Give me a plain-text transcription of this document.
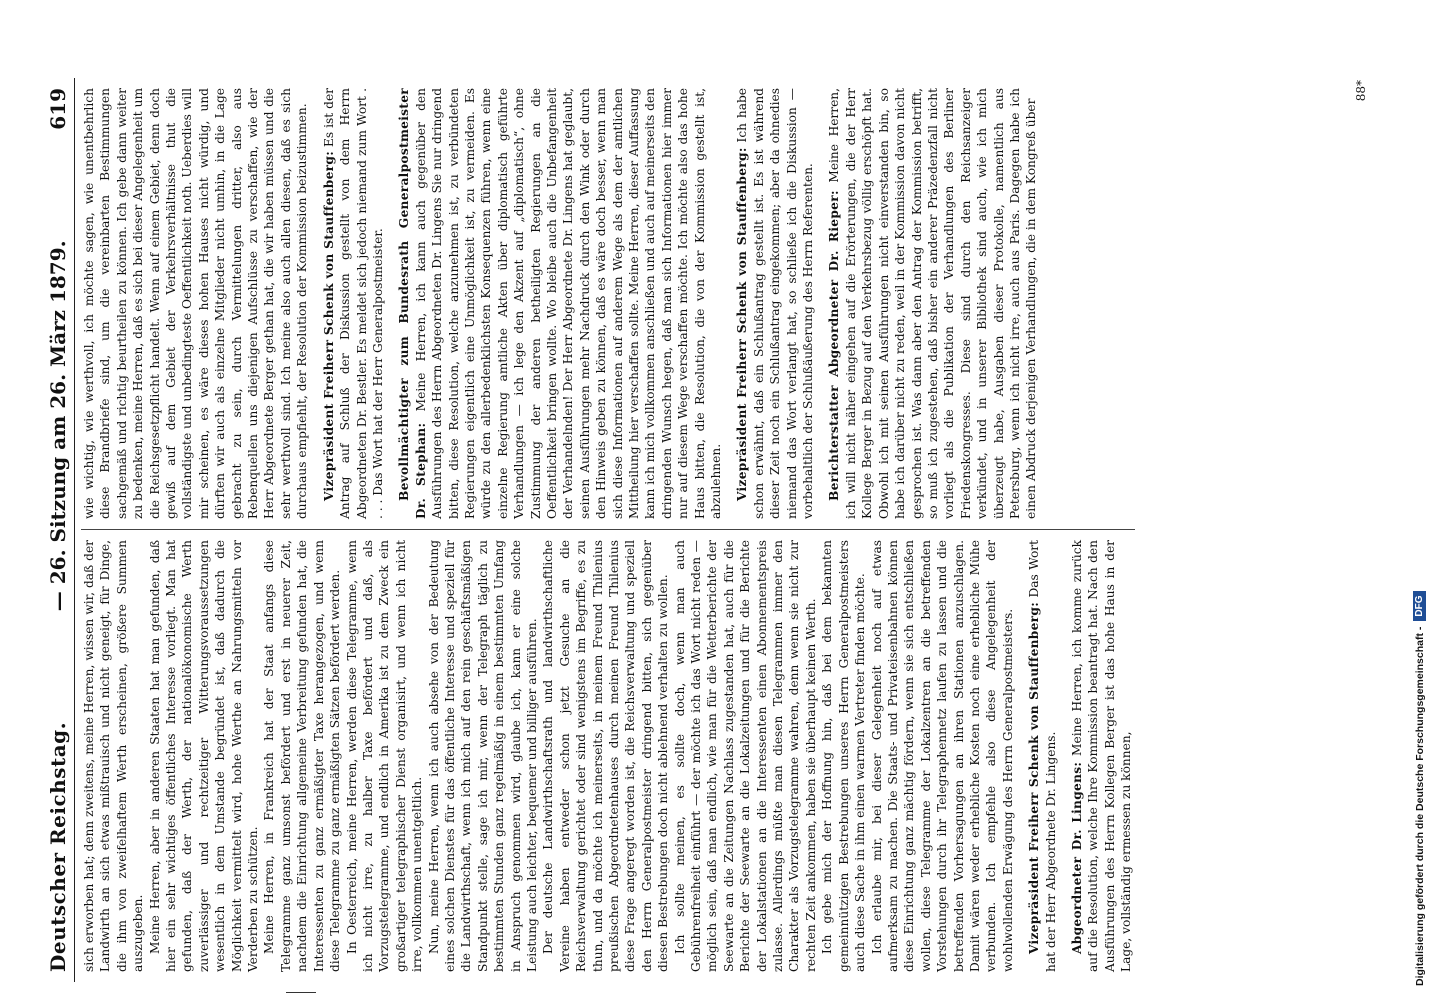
Deutscher Reichstag.
— 26. Sitzung am 26. März 1879.
619

sich erworben hat; denn zweitens, meine Herren, wissen wir, daß der Landwirth an sich etwas mißtrauisch und nicht geneigt, für Dinge, die ihm von zweifelhaftem Werth erscheinen, größere Summen auszugeben. Meine Herren, aber in anderen Staaten hat man gefunden, daß hier ein sehr wichtiges öffentliches Interesse vorliegt. Man hat gefunden, daß der Werth, der nationalökonomische Werth zuverlässiger und rechtzeitiger Witterungsvoraussetzungen wesentlich in dem Umstande begründet ist, daß dadurch die Möglichkeit vermittelt wird, hohe Werthe an Nahrungsmitteln vor Verderben zu schützen. Meine Herren, in Frankreich hat der Staat anfangs diese Telegramme ganz umsonst befördert und erst in neuerer Zeit, nachdem die Einrichtung allgemeine Verbreitung gefunden hat, die Interessenten zu ganz ermäßigter Taxe herangezogen, und wenn diese Telegramme zu ganz ermäßigten Sätzen befördert werden. In Oesterreich, meine Herren, werden diese Telegramme, wenn ich nicht irre, zu halber Taxe befördert und daß, als Vorzugstelegramme, und endlich in Amerika ist zu dem Zweck ein großartiger telegraphischer Dienst organisirt, und wenn ich nicht irre, vollkommen unentgeltlich. Nun, meine Herren, wenn ich auch absehe von der Bedeutung eines solchen Dienstes für das öffentliche Interesse und speziell für die Landwirthschaft, wenn ich mich auf den rein geschäftsmäßigen Standpunkt stelle, sage ich mir, wenn der Telegraph täglich zu bestimmten Stunden ganz regelmäßig in einem bestimmten Umfang in Anspruch genommen wird, glaube ich, kann er eine solche Leistung auch leichter, bequemer und billiger ausführen. Der deutsche Landwirthschaftsrath und landwirthschaftliche Vereine haben entweder schon jetzt Gesuche an die Reichsverwaltung gerichtet oder sind wenigstens im Begriffe, es zu thun, und da möchte ich meinerseits, in meinem Freund Thilenius preußischen Abgeordnetenhauses durch meinen Freund Thilenius diese Frage angeregt worden ist, die Reichsverwaltung und speziell den Herrn Generalpostmeister dringend bitten, sich gegenüber diesen Bestrebungen doch nicht ablehnend verhalten zu wollen. Ich sollte meinen, es sollte doch, wenn man auch Gebührenfreiheit einführt — der möchte ich das Wort nicht reden — möglich sein, daß man endlich, wie man für die Wetterberichte der Seewarte an die Zeitungen Nachlass zugestanden hat, auch für die Berichte der Seewarte an die Lokalzeitungen und für die Berichte der Lokalstationen an die Interessenten einen Abonnementspreis zulasse. Allerdings müßte man diesen Telegrammen immer den Charakter als Vorzugstelegramme wahren, denn wenn sie nicht zur rechten Zeit ankommen, haben sie überhaupt keinen Werth. Ich gebe mich der Hoffnung hin, daß bei dem bekannten gemeinnützigen Bestrebungen unseres Herrn Generalpostmeisters auch diese Sache in ihm einen warmen Vertreter finden möchte. Ich erlaube mir, bei dieser Gelegenheit noch auf etwas aufmerksam zu machen. Die Staats- und Privateisenbahnen können diese Einrichtung ganz mächtig fördern, wenn sie sich entschließen wollen, diese Telegramme der Lokalzentren an die betreffenden Vorstehungen durch ihr Telegraphennetz laufen zu lassen und die betreffenden Vorhersagungen an ihren Stationen anzuschlagen. Damit wären weder erhebliche Kosten noch eine erhebliche Mühe verbunden. Ich empfehle also diese Angelegenheit der wohlwollenden Erwägung des Herrn Generalpostmeisters. Vizepräsident Freiherr Schenk von Stauffenberg: Das Wort hat der Herr Abgeordnete Dr. Lingens. Abgeordneter Dr. Lingens: Meine Herren, ich komme zurück auf die Resolution, welche Ihre Kommission beantragt hat. Nach den Ausführungen des Herrn Kollegen Berger ist das hohe Haus in der Lage, vollständig ermessen zu können,

wie wichtig, wie werthvoll, ich möchte sagen, wie unentbehrlich diese Brandbriefe sind, um die vereinbarten Bestimmungen sachgemäß und richtig beurtheilen zu können. Ich gebe dann weiter zu bedenken, meine Herren, daß es sich bei dieser Angelegenheit um die Reichsgesetzpflicht handelt. Wenn auf einem Gebiet, denn doch gewiß auf dem Gebiet der Verkehrsverhältnisse thut die vollständigste und unbedingteste Oeffentlichkeit noth. Ueberdies will mir scheinen, es wäre dieses hohen Hauses nicht würdig, und dürften wir auch als einzelne Mitglieder nicht umhin, in die Lage gebracht zu sein, durch Vermittelungen dritter, also aus Rebenquellen uns diejenigen Aufschlüsse zu verschaffen, wie der Herr Abgeordnete Berger gethan hat, die wir haben müssen und die sehr werthvoll sind. Ich meine also auch allen diesen, daß es sich durchaus empfiehlt, der Resolution der Kommission beizustimmen. Vizepräsident Freiherr Schenk von Stauffenberg: Es ist der Antrag auf Schluß der Diskussion gestellt von dem Herrn Abgeordneten Dr. Bestler. Es meldet sich jedoch niemand zum Wort . . . . Das Wort hat der Herr Generalpostmeister. Bevollmächtigter zum Bundesrath Generalpostmeister Dr. Stephan: Meine Herren, ich kann auch gegenüber den Ausführungen des Herrn Abgeordneten Dr. Lingens Sie nur dringend bitten, diese Resolution, welche anzunehmen ist, zu verbündeten Regierungen eigentlich eine Unmöglichkeit ist, zu vermeiden. Es würde zu den allerbedenklichsten Konsequenzen führen, wenn eine einzelne Regierung amtliche Akten über diplomatisch geführte Verhandlungen — ich lege den Akzent auf „diplomatisch“, ohne Zustimmung der anderen betheiligten Regierungen an die Oeffentlichkeit bringen wollte. Wo bleibe auch die Unbefangenheit der Verhandelnden! Der Herr Abgeordnete Dr. Lingens hat geglaubt, seinen Ausführungen mehr Nachdruck durch den Wink oder durch den Hinweis geben zu können, daß es wäre doch besser, wenn man sich diese Informationen auf anderem Wege als dem der amtlichen Mittheilung hier verschaffen sollte. Meine Herren, dieser Auffassung kann ich mich vollkommen anschließen und auch auf meinerseits den dringenden Wunsch hegen, daß man sich Informationen hier immer nur auf diesem Wege verschaffen möchte. Ich möchte also das hohe Haus bitten, die Resolution, die von der Kommission gestellt ist, abzulehnen. Vizepräsident Freiherr Schenk von Stauffenberg: Ich habe schon erwähnt, daß ein Schlußantrag gestellt ist. Es ist während dieser Zeit noch ein Schlußantrag eingekommen; aber da ohnedies niemand das Wort verlangt hat, so schließe ich die Diskussion — vorbehaltlich der Schlußäußerung des Herrn Referenten. Berichterstatter Abgeordneter Dr. Rieper: Meine Herren, ich will nicht näher eingehen auf die Erörterungen, die der Herr Kollege Berger in Bezug auf den Verkehrsbezug völlig erschöpft hat. Obwohl ich mit seinen Ausführungen nicht einverstanden bin, so habe ich darüber nicht zu reden, weil in der Kommission davon nicht gesprochen ist. Was dann aber den Antrag der Kommission betrifft, so muß ich zugestehen, daß bisher ein anderer Präzedenzfall nicht vorliegt als die Publikation der Verhandlungen des Berliner Friedenskongresses. Diese sind durch den Reichsanzeiger verkündet, und in unserer Bibliothek sind auch, wie ich mich überzeugt habe, Ausgaben dieser Protokolle, namentlich aus Petersburg, wenn ich nicht irre, auch aus Paris. Dagegen habe ich einen Abdruck derjenigen Verhandlungen, die in dem Kongreß über

88*
Digitalisierung gefördert durch die Deutsche Forschungsgemeinschaft -
DFG
